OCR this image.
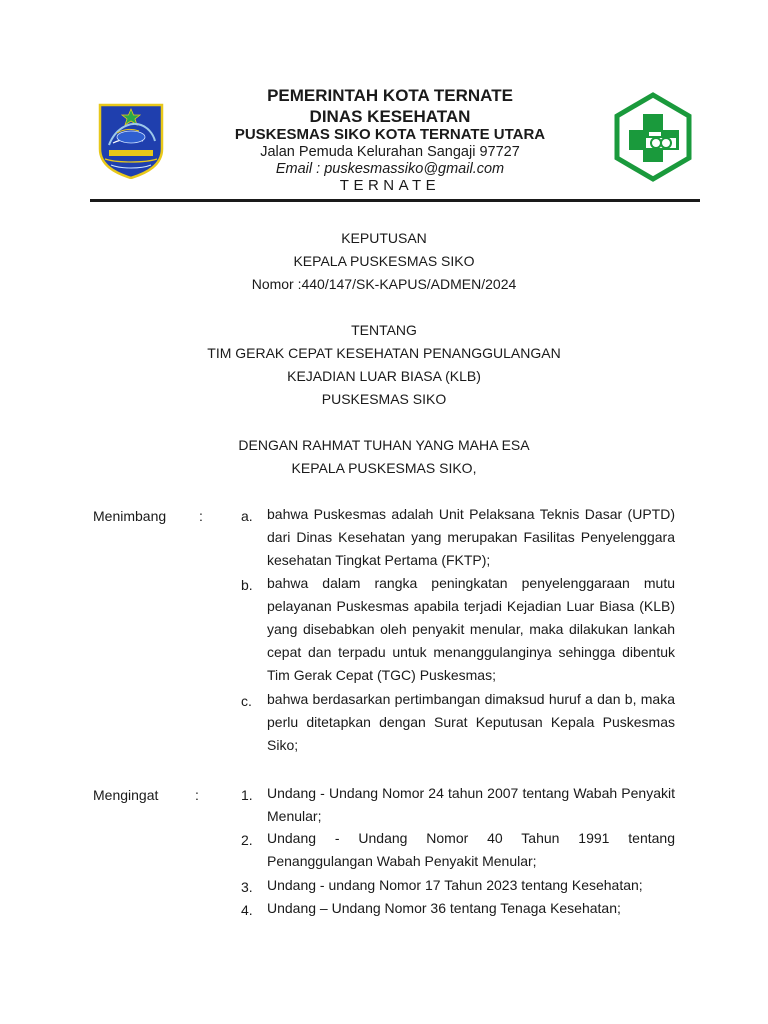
PEMERINTAH KOTA TERNATE
DINAS KESEHATAN
PUSKESMAS SIKO KOTA TERNATE UTARA
Jalan Pemuda Kelurahan Sangaji 97727
Email : puskesmassiko@gmail.com
TERNATE
KEPUTUSAN
KEPALA PUSKESMAS SIKO
Nomor :440/147/SK-KAPUS/ADMEN/2024
TENTANG
TIM GERAK CEPAT KESEHATAN PENANGGULANGAN
KEJADIAN LUAR BIASA (KLB)
PUSKESMAS SIKO
DENGAN RAHMAT TUHAN YANG MAHA ESA
KEPALA PUSKESMAS SIKO,
Menimbang :	a.	bahwa Puskesmas adalah Unit Pelaksana Teknis Dasar (UPTD)
dari Dinas Kesehatan yang merupakan Fasilitas Penyelenggara
kesehatan Tingkat Pertama (FKTP);
b.	bahwa dalam rangka peningkatan penyelenggaraan mutu
pelayanan Puskesmas apabila terjadi Kejadian Luar Biasa (KLB)
yang disebabkan oleh penyakit menular, maka dilakukan lankah
cepat dan terpadu untuk menanggulanginya sehingga dibentuk
Tim Gerak Cepat (TGC) Puskesmas;
c.	bahwa berdasarkan pertimbangan dimaksud huruf a dan b, maka
perlu ditetapkan dengan Surat Keputusan Kepala Puskesmas
Siko;
Mengingat	:	1.	Undang - Undang Nomor 24 tahun 2007 tentang Wabah Penyakit
Menular;
2.	Undang - Undang Nomor 40 Tahun 1991 tentang
Penanggulangan Wabah Penyakit Menular;
3.	Undang - undang Nomor 17 Tahun 2023 tentang Kesehatan;
4.	Undang – Undang Nomor 36 tentang Tenaga Kesehatan;
